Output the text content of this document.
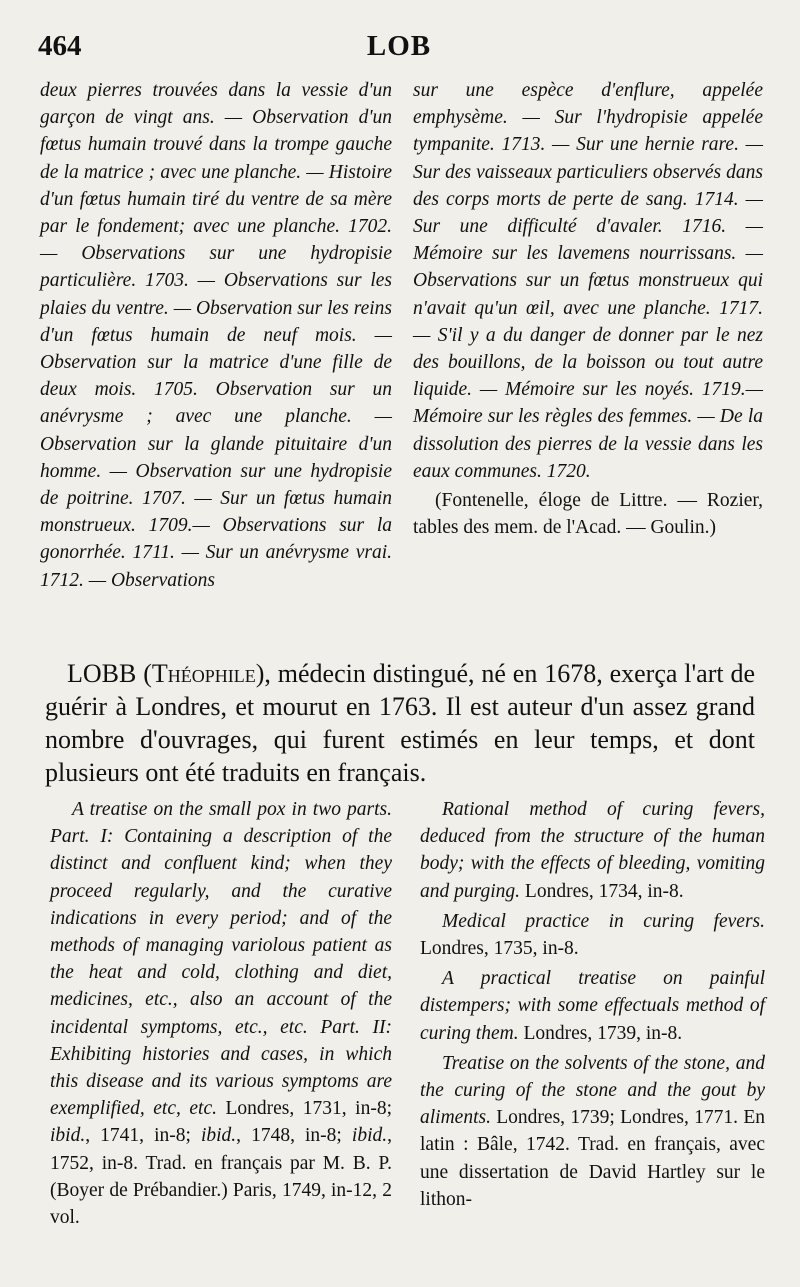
464	LOB

deux pierres trouvées dans la vessie d'un garçon de vingt ans. — Observation d'un fœtus humain trouvé dans la trompe gauche de la matrice ; avec une planche. — Histoire d'un fœtus humain tiré du ventre de sa mère par le fondement; avec une planche. 1702. — Observations sur une hydropisie particulière. 1703. — Observations sur les plaies du ventre. — Observation sur les reins d'un fœtus humain de neuf mois. — Observation sur la matrice d'une fille de deux mois. 1705. Observation sur un anévrysme ; avec une planche. — Observation sur la glande pituitaire d'un homme. — Observation sur une hydropisie de poitrine. 1707. — Sur un fœtus humain monstrueux. 1709.— Observations sur la gonorrhée. 1711. — Sur un anévrysme vrai. 1712. — Observations

sur une espèce d'enflure, appelée emphysème. — Sur l'hydropisie appelée tympanite. 1713. — Sur une hernie rare. — Sur des vaisseaux particuliers observés dans des corps morts de perte de sang. 1714. — Sur une difficulté d'avaler. 1716. — Mémoire sur les lavemens nourrissans. — Observations sur un fœtus monstrueux qui n'avait qu'un œil, avec une planche. 1717. — S'il y a du danger de donner par le nez des bouillons, de la boisson ou tout autre liquide. — Mémoire sur les noyés. 1719.— Mémoire sur les règles des femmes. — De la dissolution des pierres de la vessie dans les eaux communes. 1720.

(Fontenelle, éloge de Littre. — Rozier, tables des mem. de l'Acad. — Goulin.)

LOBB (Théophile), médecin distingué, né en 1678, exerça l'art de guérir à Londres, et mourut en 1763. Il est auteur d'un assez grand nombre d'ouvrages, qui furent estimés en leur temps, et dont plusieurs ont été traduits en français.

A treatise on the small pox in two parts. Part. I: Containing a description of the distinct and confluent kind; when they proceed regularly, and the curative indications in every period; and of the methods of managing variolous patient as the heat and cold, clothing and diet, medicines, etc., also an account of the incidental symptoms, etc., etc. Part. II: Exhibiting histories and cases, in which this disease and its various symptoms are exemplified, etc, etc. Londres, 1731, in-8; ibid., 1741, in-8; ibid., 1748, in-8; ibid., 1752, in-8. Trad. en français par M. B. P. (Boyer de Prébandier.) Paris, 1749, in-12, 2 vol.

Rational method of curing fevers, deduced from the structure of the human body; with the effects of bleeding, vomiting and purging. Londres, 1734, in-8.

Medical practice in curing fevers. Londres, 1735, in-8.

A practical treatise on painful distempers; with some effectuals method of curing them. Londres, 1739, in-8.

Treatise on the solvents of the stone, and the curing of the stone and the gout by aliments. Londres, 1739; Londres, 1771. En latin : Bâle, 1742. Trad. en français, avec une dissertation de David Hartley sur le lithon-
